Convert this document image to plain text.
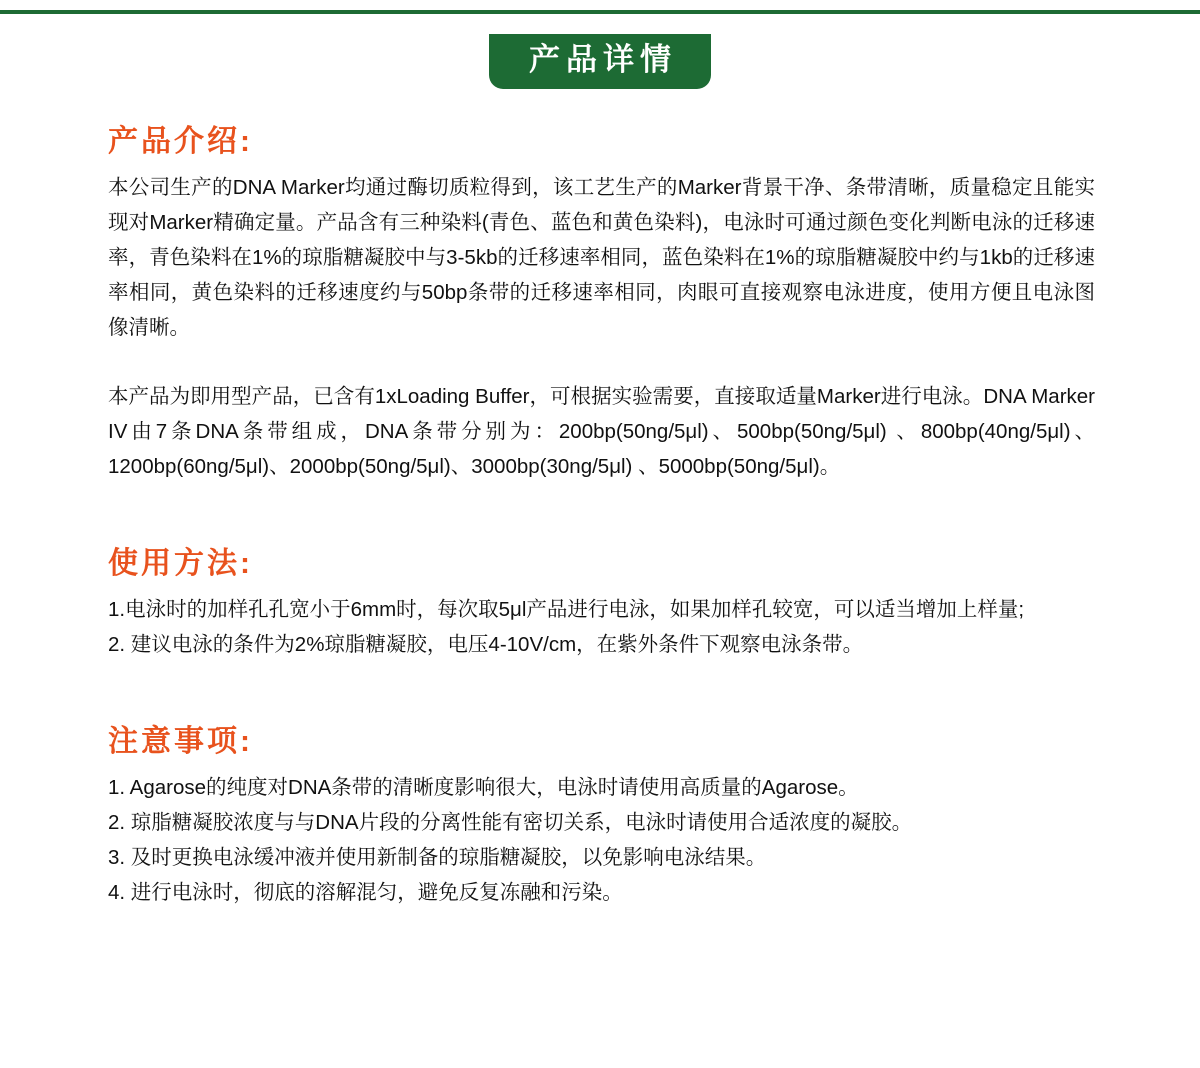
产品详情
产品介绍:

本公司生产的DNA Marker均通过酶切质粒得到，该工艺生产的Marker背景干净、条带清晰，质量稳定且能实现对Marker精确定量。产品含有三种染料(青色、蓝色和黄色染料)，电泳时可通过颜色变化判断电泳的迁移速率，青色染料在1%的琼脂糖凝胶中与3-5kb的迁移速率相同，蓝色染料在1%的琼脂糖凝胶中约与1kb的迁移速率相同，黄色染料的迁移速度约与50bp条带的迁移速率相同，肉眼可直接观察电泳进度，使用方便且电泳图像清晰。

本产品为即用型产品，已含有1xLoading Buffer，可根据实验需要，直接取适量Marker进行电泳。DNA Marker IV由7条DNA条带组成，DNA条带分别为：200bp(50ng/5μl)、500bp(50ng/5μl) 、800bp(40ng/5μl)、1200bp(60ng/5μl)、2000bp(50ng/5μl)、3000bp(30ng/5μl) 、5000bp(50ng/5μl)。

使用方法:

1.电泳时的加样孔孔宽小于6mm时，每次取5μl产品进行电泳，如果加样孔较宽，可以适当增加上样量;

2. 建议电泳的条件为2%琼脂糖凝胶，电压4-10V/cm，在紫外条件下观察电泳条带。

注意事项:

1. Agarose的纯度对DNA条带的清晰度影响很大，电泳时请使用高质量的Agarose。

2. 琼脂糖凝胶浓度与与DNA片段的分离性能有密切关系，电泳时请使用合适浓度的凝胶。

3. 及时更换电泳缓冲液并使用新制备的琼脂糖凝胶，以免影响电泳结果。

4. 进行电泳时，彻底的溶解混匀，避免反复冻融和污染。
